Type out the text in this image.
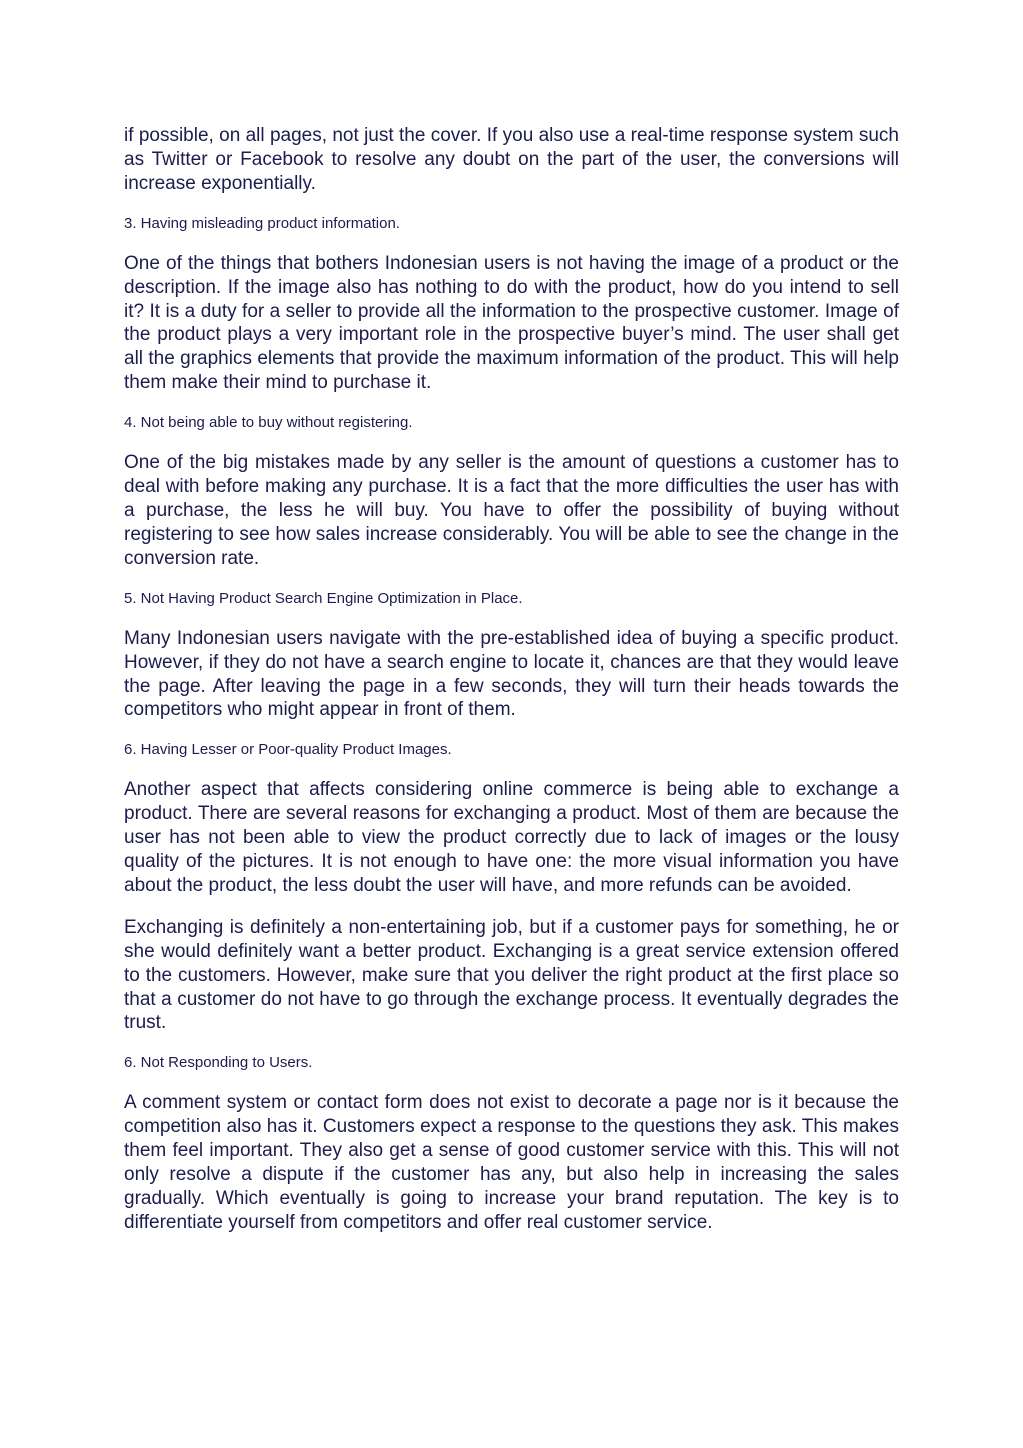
if possible, on all pages, not just the cover. If you also use a real-time response system such as Twitter or Facebook to resolve any doubt on the part of the user, the conversions will increase exponentially.

3. Having misleading product information.

One of the things that bothers Indonesian users is not having the image of a product or the description. If the image also has nothing to do with the product, how do you intend to sell it? It is a duty for a seller to provide all the information to the prospective customer. Image of the product plays a very important role in the prospective buyer’s mind. The user shall get all the graphics elements that provide the maximum information of the product. This will help them make their mind to purchase it.

4. Not being able to buy without registering.

One of the big mistakes made by any seller is the amount of questions a customer has to deal with before making any purchase. It is a fact that the more difficulties the user has with a purchase, the less he will buy. You have to offer the possibility of buying without registering to see how sales increase considerably. You will be able to see the change in the conversion rate.

5. Not Having Product Search Engine Optimization in Place.

Many Indonesian users navigate with the pre-established idea of buying a specific product. However, if they do not have a search engine to locate it, chances are that they would leave the page. After leaving the page in a few seconds, they will turn their heads towards the competitors who might appear in front of them.

6. Having Lesser or Poor-quality Product Images.

Another aspect that affects considering online commerce is being able to exchange a product. There are several reasons for exchanging a product. Most of them are because the user has not been able to view the product correctly due to lack of images or the lousy quality of the pictures. It is not enough to have one: the more visual information you have about the product, the less doubt the user will have, and more refunds can be avoided.

Exchanging is definitely a non-entertaining job, but if a customer pays for something, he or she would definitely want a better product. Exchanging is a great service extension offered to the customers. However, make sure that you deliver the right product at the first place so that a customer do not have to go through the exchange process. It eventually degrades the trust.

6. Not Responding to Users.

A comment system or contact form does not exist to decorate a page nor is it because the competition also has it. Customers expect a response to the questions they ask. This makes them feel important. They also get a sense of good customer service with this. This will not only resolve a dispute if the customer has any, but also help in increasing the sales gradually. Which eventually is going to increase your brand reputation. The key is to differentiate yourself from competitors and offer real customer service.
